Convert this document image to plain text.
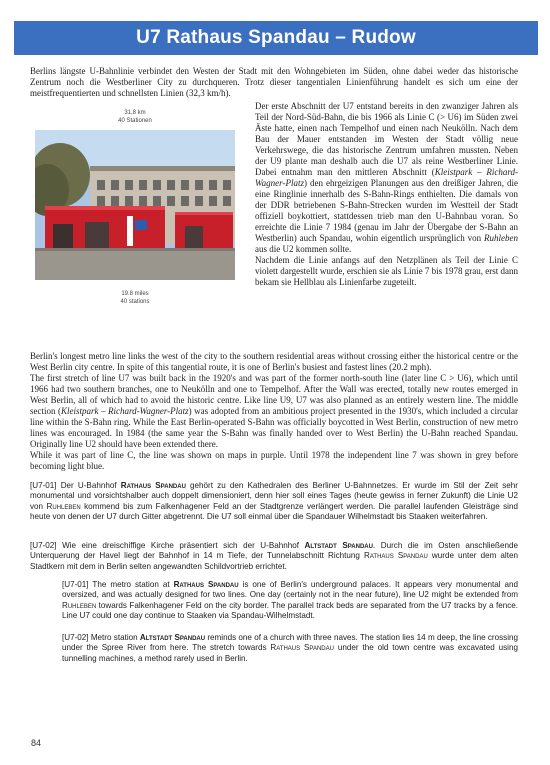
U7 Rathaus Spandau – Rudow

Berlins längste U-Bahnlinie verbindet den Westen der Stadt mit den Wohngebieten im Süden, ohne dabei weder das historische Zentrum noch die Westberliner City zu durchqueren. Trotz dieser tangentialen Linienführung handelt es sich um eine der meistfrequentierten und schnellsten Linien (32,3 km/h).

31,8 km
40 Stationen
19.8 miles
40 stations

Der erste Abschnitt der U7 entstand bereits in den zwanziger Jahren als Teil der Nord-Süd-Bahn, die bis 1966 als Linie C (> U6) im Süden zwei Äste hatte, einen nach Tempelhof und einen nach Neukölln. Nach dem Bau der Mauer entstanden im Westen der Stadt völlig neue Verkehrswege, die das historische Zentrum umfahren mussten. Neben der U9 plante man deshalb auch die U7 als reine Westberliner Linie. Dabei entnahm man den mittleren Abschnitt (Kleistpark – Richard-Wagner-Platz) den ehrgeizigen Planungen aus den dreißiger Jahren, die eine Ringlinie innerhalb des S-Bahn-Rings enthielten. Die damals von der DDR betriebenen S-Bahn-Strecken wurden im Westteil der Stadt offiziell boykottiert, stattdessen trieb man den U-Bahnbau voran. So erreichte die Linie 7 1984 (genau im Jahr der Übergabe der S-Bahn an Westberlin) auch Spandau, wohin eigentlich ursprünglich von Ruhleben aus die U2 kommen sollte.

Nachdem die Linie anfangs auf den Netzplänen als Teil der Linie C violett dargestellt wurde, erschien sie als Linie 7 bis 1978 grau, erst dann bekam sie Hellblau als Linienfarbe zugeteilt.

Berlin's longest metro line links the west of the city to the southern residential areas without crossing either the historical centre or the West Berlin city centre. In spite of this tangential route, it is one of Berlin's busiest and fastest lines (20.2 mph).

The first stretch of line U7 was built back in the 1920's and was part of the former north-south line (later line C > U6), which until 1966 had two southern branches, one to Neukölln and one to Tempelhof. After the Wall was erected, totally new routes emerged in West Berlin, all of which had to avoid the historic centre. Like line U9, U7 was also planned as an entirely western line. The middle section (Kleistpark – Richard-Wagner-Platz) was adopted from an ambitious project presented in the 1930's, which included a circular line within the S-Bahn ring. While the East Berlin-operated S-Bahn was officially boycotted in West Berlin, construction of new metro lines was encouraged. In 1984 (the same year the S-Bahn was finally handed over to West Berlin) the U-Bahn reached Spandau. Originally line U2 should have been extended there.

While it was part of line C, the line was shown on maps in purple. Until 1978 the independent line 7 was shown in grey before becoming light blue.

[U7-01] Der U-Bahnhof Rathaus Spandau gehört zu den Kathedralen des Berliner U-Bahnnetzes. Er wurde im Stil der Zeit sehr monumental und vorsichtshalber auch doppelt dimensioniert, denn hier soll eines Tages (heute gewiss in ferner Zukunft) die Linie U2 von Ruhleben kommend bis zum Falkenhagener Feld an der Stadtgrenze verlängert werden. Die parallel laufenden Gleisträge sind heute von denen der U7 durch Gitter abgetrennt. Die U7 soll einmal über die Spandauer Wilhelmstadt bis Staaken weiterfahren.

[U7-02] Wie eine dreischiffige Kirche präsentiert sich der U-Bahnhof Altstadt Spandau. Durch die im Osten anschließende Unterquerung der Havel liegt der Bahnhof in 14 m Tiefe, der Tunnelabschnitt Richtung Rathaus Spandau wurde unter dem alten Stadtkern mit dem in Berlin selten angewandten Schildvortrieb errichtet.

[U7-01] The metro station at Rathaus Spandau is one of Berlin's underground palaces. It appears very monumental and oversized, and was actually designed for two lines. One day (certainly not in the near future), line U2 might be extended from Ruhleben towards Falkenhagener Feld on the city border. The parallel track beds are separated from the U7 tracks by a fence. Line U7 could one day continue to Staaken via Spandau-Wilhelmstadt.

[U7-02] Metro station Altstadt Spandau reminds one of a church with three naves. The station lies 14 m deep, the line crossing under the Spree River from here. The stretch towards Rathaus Spandau under the old town centre was excavated using tunnelling machines, a method rarely used in Berlin.

84
